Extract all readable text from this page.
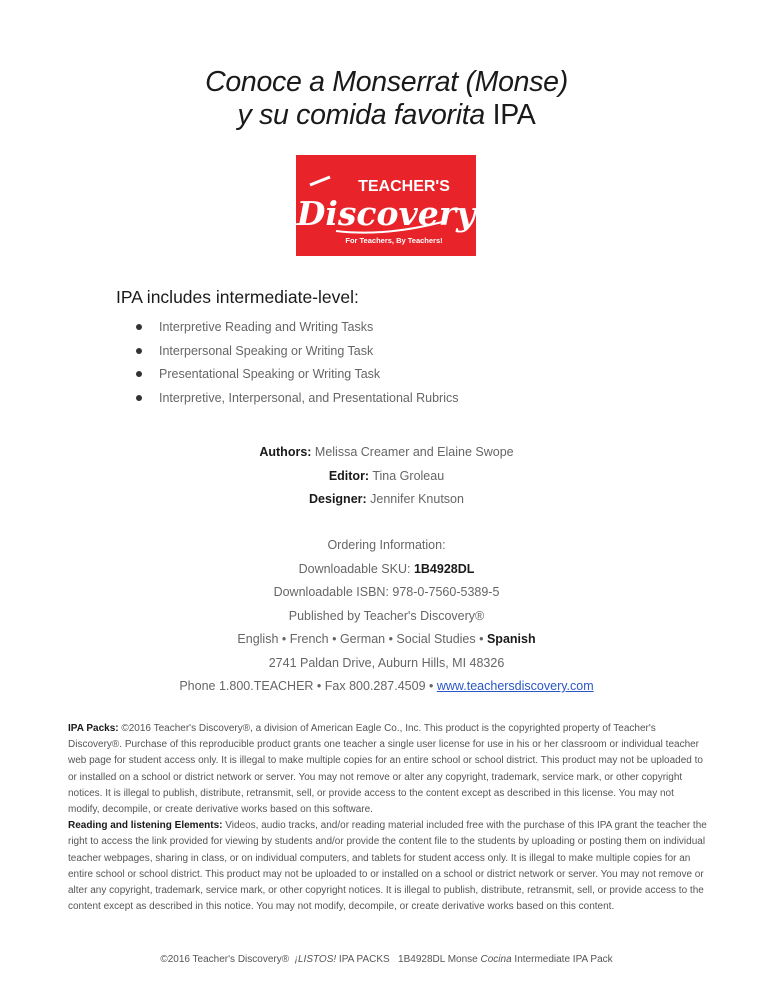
Conoce a Monserrat (Monse)
y su comida favorita IPA
TEACHER'S
Discovery
For Teachers, By Teachers!
IPA includes intermediate-level:
Interpretive Reading and Writing Tasks
Interpersonal Speaking or Writing Task
Presentational Speaking or Writing Task
Interpretive, Interpersonal, and Presentational Rubrics
Authors: Melissa Creamer and Elaine Swope
Editor: Tina Groleau
Designer: Jennifer Knutson
Ordering Information:
Downloadable SKU: 1B4928DL
Downloadable ISBN: 978-0-7560-5389-5
Published by Teacher's Discovery®
English • French • German • Social Studies • Spanish
2741 Paldan Drive, Auburn Hills, MI 48326
Phone 1.800.TEACHER • Fax 800.287.4509 • www.teachersdiscovery.com

IPA Packs: ©2016 Teacher's Discovery®, a division of American Eagle Co., Inc. This product is the copyrighted property of Teacher's Discovery®. Purchase of this reproducible product grants one teacher a single user license for use in his or her classroom or individual teacher web page for student access only. It is illegal to make multiple copies for an entire school or school district. This product may not be uploaded to or installed on a school or district network or server. You may not remove or alter any copyright, trademark, service mark, or other copyright notices. It is illegal to publish, distribute, retransmit, sell, or provide access to the content except as described in this license. You may not modify, decompile, or create derivative works based on this software.

Reading and listening Elements: Videos, audio tracks, and/or reading material included free with the purchase of this IPA grant the teacher the right to access the link provided for viewing by students and/or provide the content file to the students by uploading or posting them on individual teacher webpages, sharing in class, or on individual computers, and tablets for student access only. It is illegal to make multiple copies for an entire school or school district. This product may not be uploaded to or installed on a school or district network or server. You may not remove or alter any copyright, trademark, service mark, or other copyright notices. It is illegal to publish, distribute, retransmit, sell, or provide access to the content except as described in this notice. You may not modify, decompile, or create derivative works based on this content.

©2016 Teacher's Discovery® ¡LISTOS! IPA PACKS 1B4928DL Monse Cocina Intermediate IPA Pack
